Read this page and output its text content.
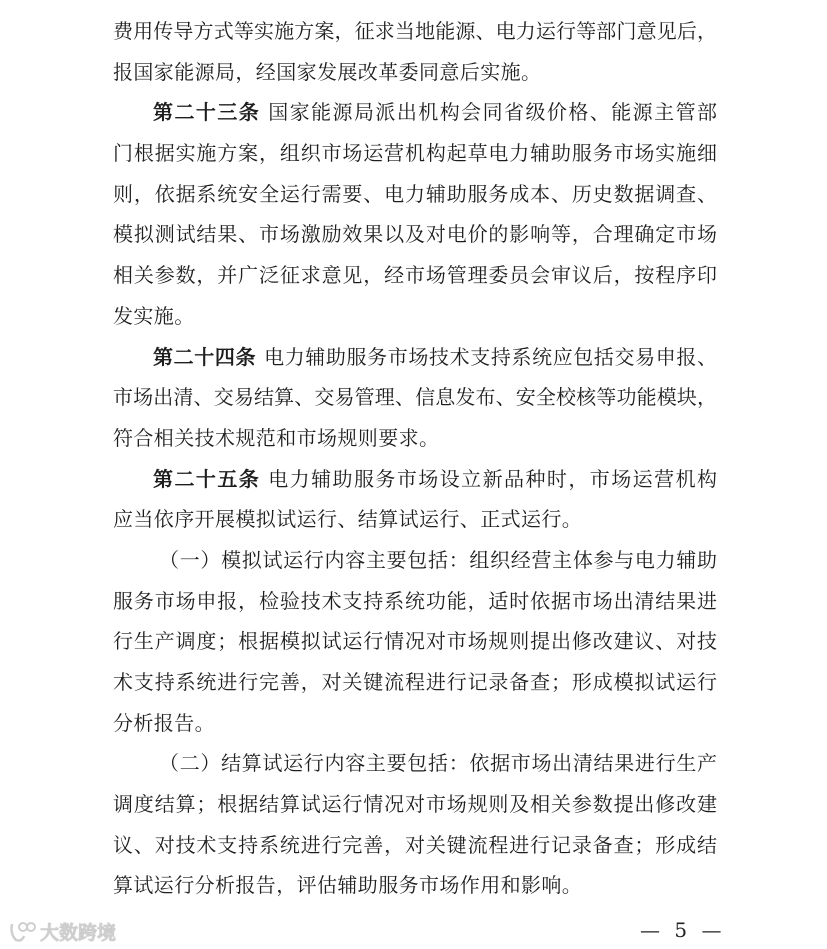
费用传导方式等实施方案，征求当地能源、电力运行等部门意见后，
报国家能源局，经国家发展改革委同意后实施。
第二十三条 国家能源局派出机构会同省级价格、能源主管部
门根据实施方案，组织市场运营机构起草电力辅助服务市场实施细
则，依据系统安全运行需要、电力辅助服务成本、历史数据调查、
模拟测试结果、市场激励效果以及对电价的影响等，合理确定市场
相关参数，并广泛征求意见，经市场管理委员会审议后，按程序印
发实施。
第二十四条 电力辅助服务市场技术支持系统应包括交易申报、
市场出清、交易结算、交易管理、信息发布、安全校核等功能模块，
符合相关技术规范和市场规则要求。
第二十五条 电力辅助服务市场设立新品种时，市场运营机构
应当依序开展模拟试运行、结算试运行、正式运行。
（一）模拟试运行内容主要包括：组织经营主体参与电力辅助
服务市场申报，检验技术支持系统功能，适时依据市场出清结果进
行生产调度；根据模拟试运行情况对市场规则提出修改建议、对技
术支持系统进行完善，对关键流程进行记录备查；形成模拟试运行
分析报告。
（二）结算试运行内容主要包括：依据市场出清结果进行生产
调度结算；根据结算试运行情况对市场规则及相关参数提出修改建
议、对技术支持系统进行完善，对关键流程进行记录备查；形成结
算试运行分析报告，评估辅助服务市场作用和影响。
大数跨境	— 5 —
